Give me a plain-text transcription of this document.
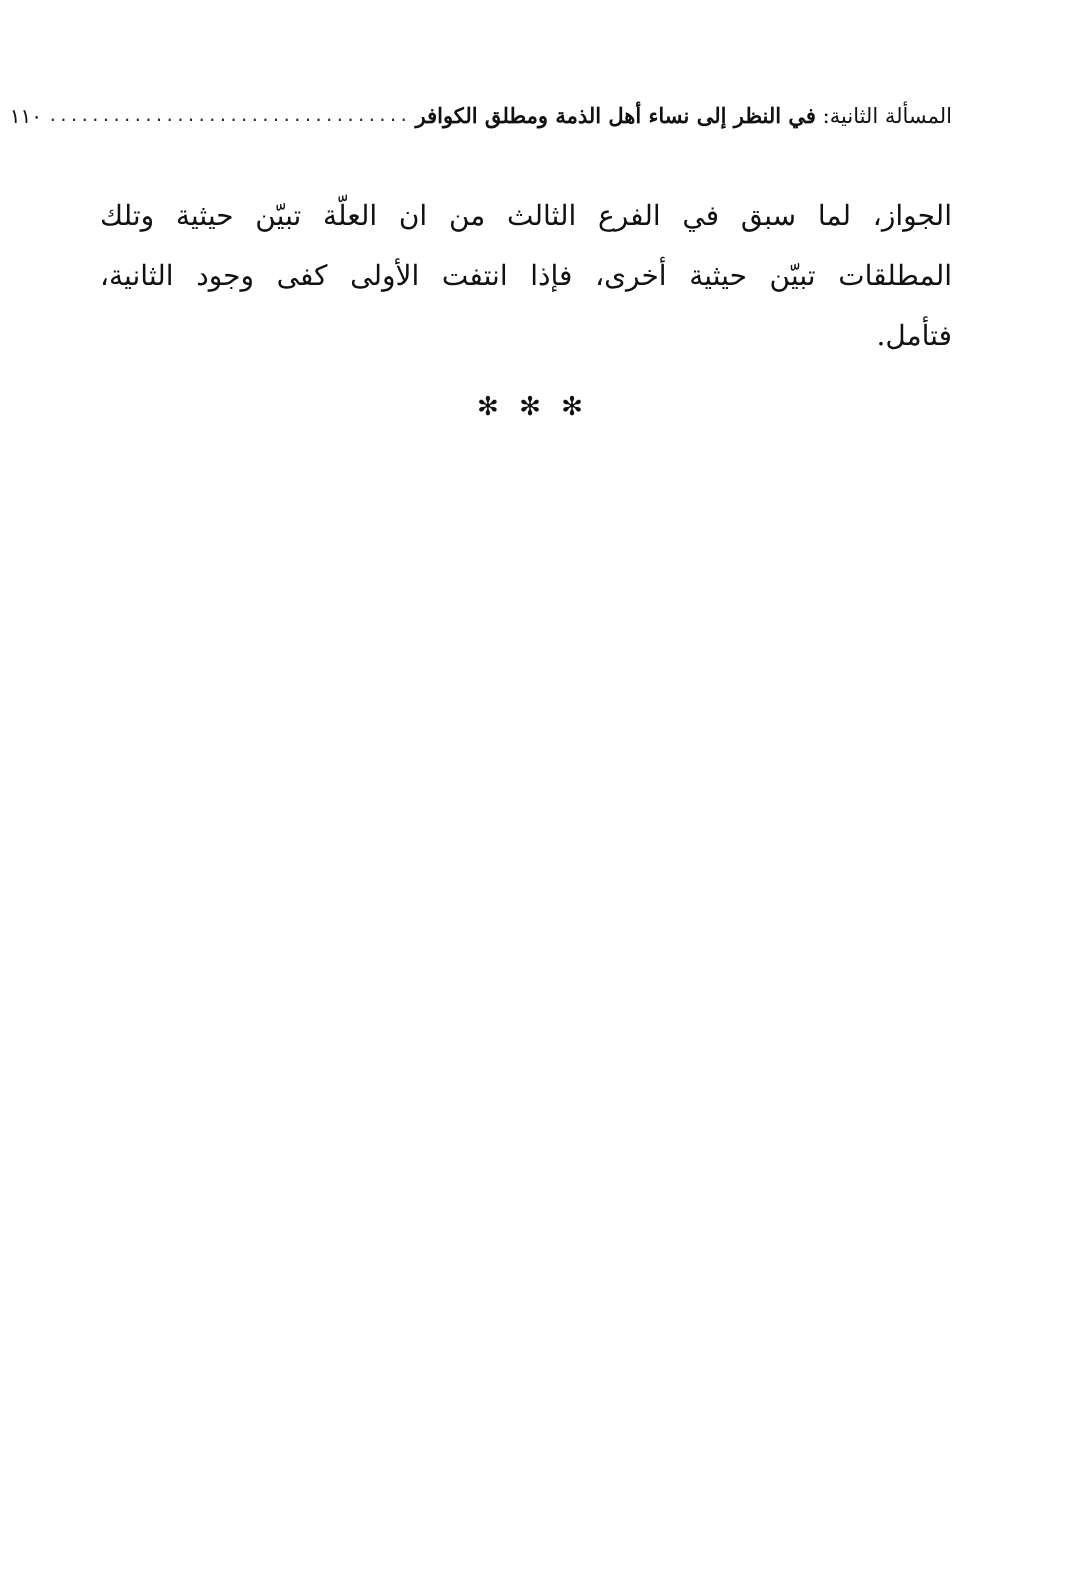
المسألة الثانية: في النظر إلى نساء أهل الذمة ومطلق الكوافر
..................................
١١٠
الجواز، لما سبق في الفرع الثالث من ان العلّة تبيّن حيثية وتلك
المطلقات تبيّن حيثية أخرى، فإذا انتفت الأولى كفى وجود الثانية،
فتأمل.
✻ ✻ ✻
